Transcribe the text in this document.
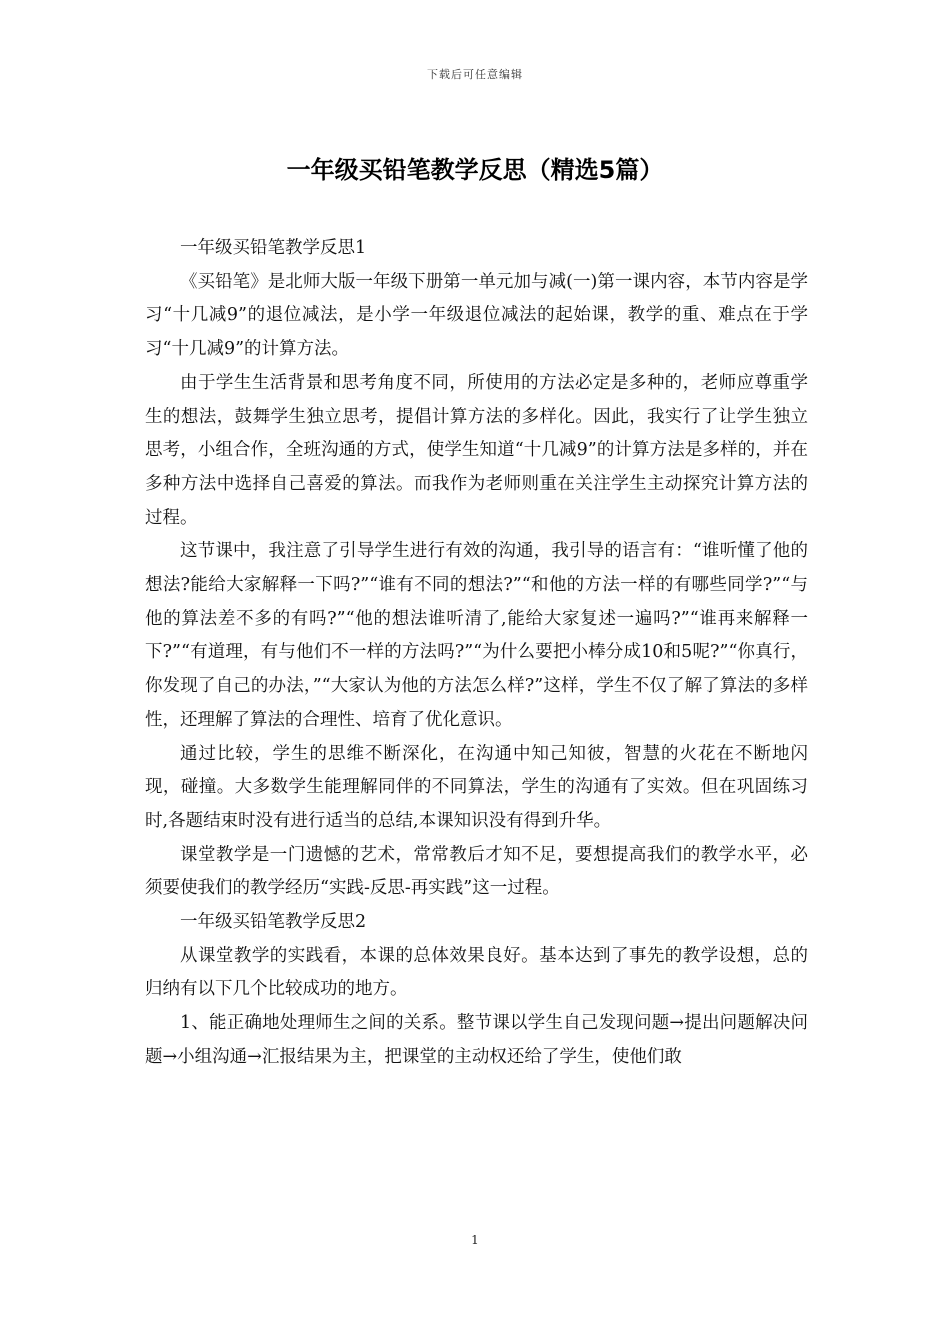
下载后可任意编辑
一年级买铅笔教学反思（精选5篇）

一年级买铅笔教学反思1

《买铅笔》是北师大版一年级下册第一单元加与减(一)第一课内容，本节内容是学习“十几减9”的退位减法，是小学一年级退位减法的起始课，教学的重、难点在于学习“十几减9”的计算方法。

由于学生生活背景和思考角度不同，所使用的方法必定是多种的，老师应尊重学生的想法，鼓舞学生独立思考，提倡计算方法的多样化。因此，我实行了让学生独立思考，小组合作，全班沟通的方式，使学生知道“十几减9”的计算方法是多样的，并在多种方法中选择自己喜爱的算法。而我作为老师则重在关注学生主动探究计算方法的过程。

这节课中，我注意了引导学生进行有效的沟通，我引导的语言有：“谁听懂了他的想法?能给大家解释一下吗?”“谁有不同的想法?”“和他的方法一样的有哪些同学?”“与他的算法差不多的有吗?”“他的想法谁听清了,能给大家复述一遍吗?”“谁再来解释一下?”“有道理，有与他们不一样的方法吗?”“为什么要把小棒分成10和5呢?”“你真行，你发现了自己的办法，”“大家认为他的方法怎么样?”这样，学生不仅了解了算法的多样性，还理解了算法的合理性、培育了优化意识。

通过比较，学生的思维不断深化，在沟通中知己知彼，智慧的火花在不断地闪现，碰撞。大多数学生能理解同伴的不同算法，学生的沟通有了实效。但在巩固练习时,各题结束时没有进行适当的总结,本课知识没有得到升华。

课堂教学是一门遗憾的艺术，常常教后才知不足，要想提高我们的教学水平，必须要使我们的教学经历“实践-反思-再实践”这一过程。

一年级买铅笔教学反思2

从课堂教学的实践看，本课的总体效果良好。基本达到了事先的教学设想，总的归纳有以下几个比较成功的地方。

1、能正确地处理师生之间的关系。整节课以学生自己发现问题→提出问题解决问题→小组沟通→汇报结果为主，把课堂的主动权还给了学生，使他们敢

1
